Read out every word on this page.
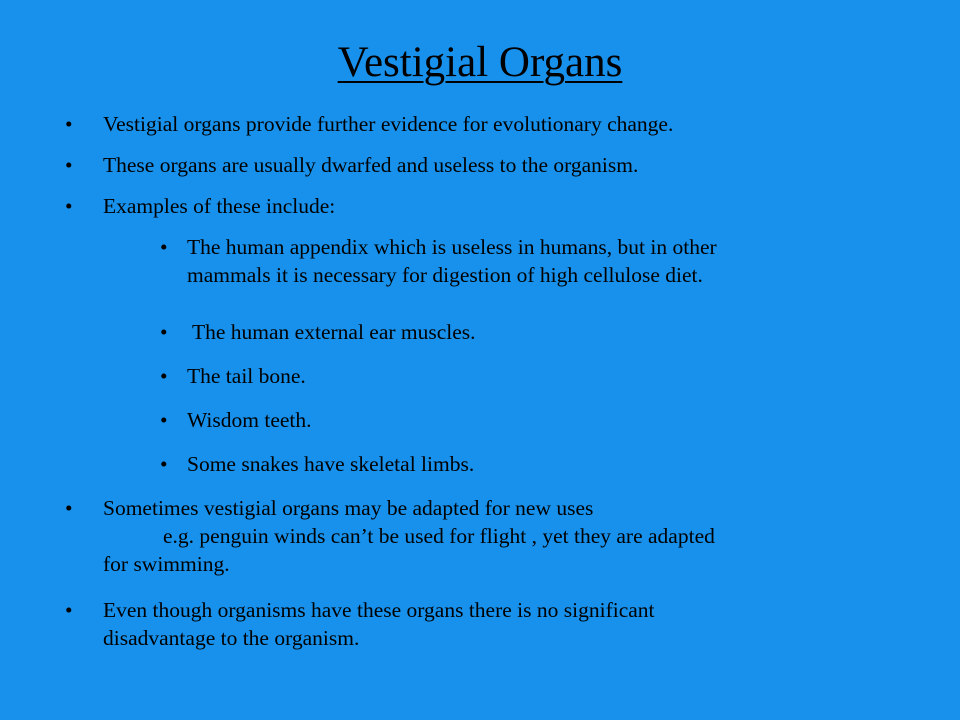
Vestigial Organs
•	Vestigial organs provide further evidence for evolutionary change.
•	These organs are usually dwarfed and useless to the organism.
•	Examples of these include:
• The human appendix which is useless in humans, but in other
mammals it is necessary for digestion of high cellulose diet.
• The human external ear muscles.
• The tail bone.
• Wisdom teeth.
• Some snakes have skeletal limbs.
•	Sometimes vestigial organs may be adapted for new uses
e.g. penguin winds can’t be used for flight , yet they are adapted
for swimming.
•	Even though organisms have these organs there is no significant
disadvantage to the organism.
